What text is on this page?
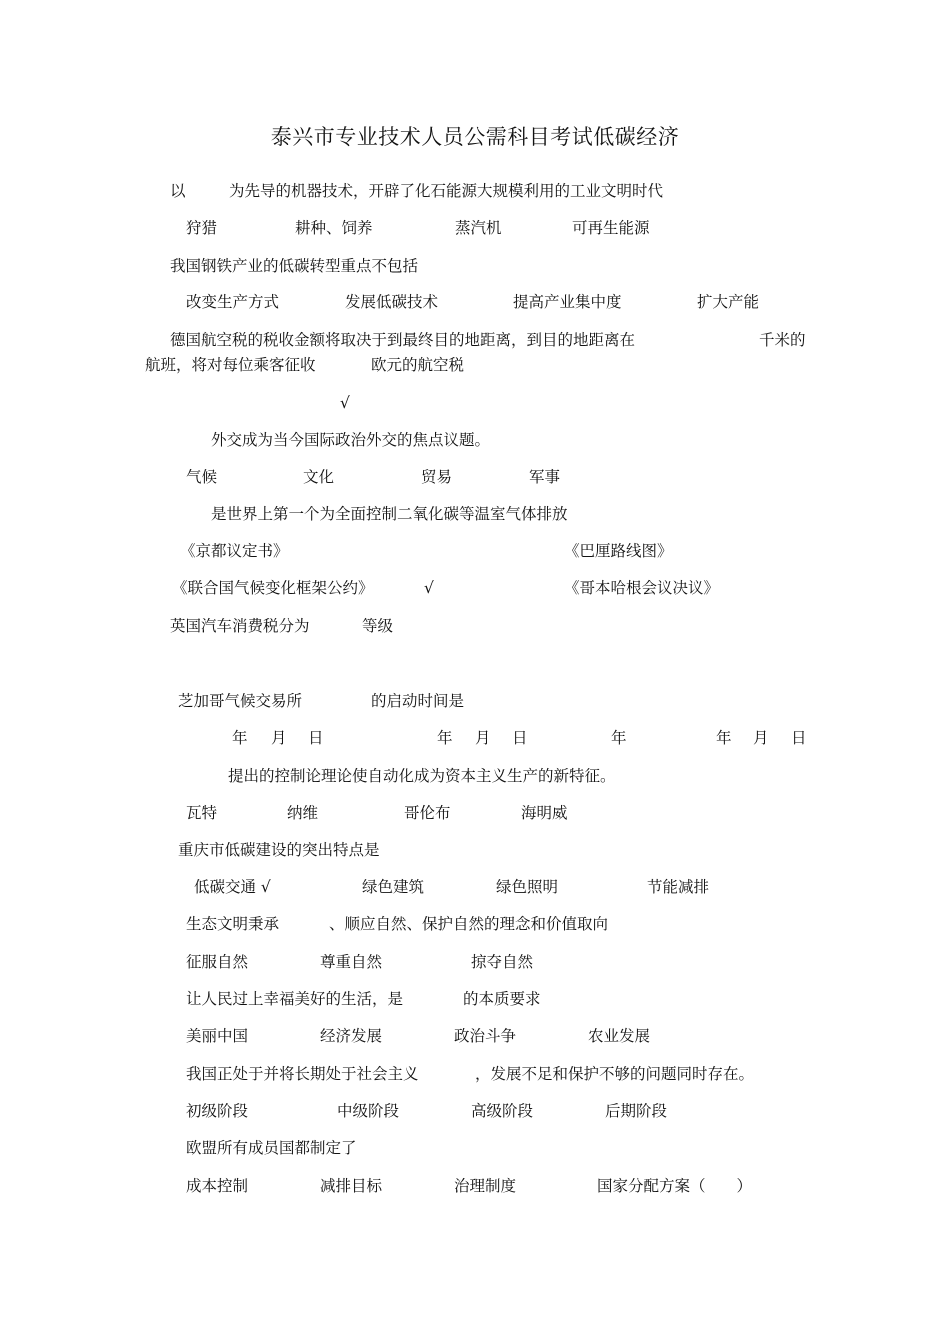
泰兴市专业技术人员公需科目考试低碳经济
以	为先导的机器技术，开辟了化石能源大规模利用的工业文明时代
狩猎	耕种、饲养	蒸汽机	可再生能源
我国钢铁产业的低碳转型重点不包括
改变生产方式	发展低碳技术	提高产业集中度	扩大产能
德国航空税的税收金额将取决于到最终目的地距离，到目的地距离在	千米的
航班，将对每位乘客征收	欧元的航空税
√
外交成为当今国际政治外交的焦点议题。
气候	文化	贸易	军事
是世界上第一个为全面控制二氧化碳等温室气体排放
《京都议定书》	《巴厘路线图》
《联合国气候变化框架公约》	√	《哥本哈根会议决议》
英国汽车消费税分为	等级
芝加哥气候交易所	的启动时间是
年 月 日	年 月 日	年	年 月 日
提出的控制论理论使自动化成为资本主义生产的新特征。
瓦特	纳维	哥伦布	海明威
重庆市低碳建设的突出特点是
低碳交通 √	绿色建筑	绿色照明	节能减排
生态文明秉承	、顺应自然、保护自然的理念和价值取向
征服自然	尊重自然	掠夺自然
让人民过上幸福美好的生活，是	的本质要求
美丽中国	经济发展	政治斗争	农业发展
我国正处于并将长期处于社会主义	，发展不足和保护不够的问题同时存在。
初级阶段	中级阶段	高级阶段	后期阶段
欧盟所有成员国都制定了
成本控制	减排目标	治理制度	国家分配方案（　　）
